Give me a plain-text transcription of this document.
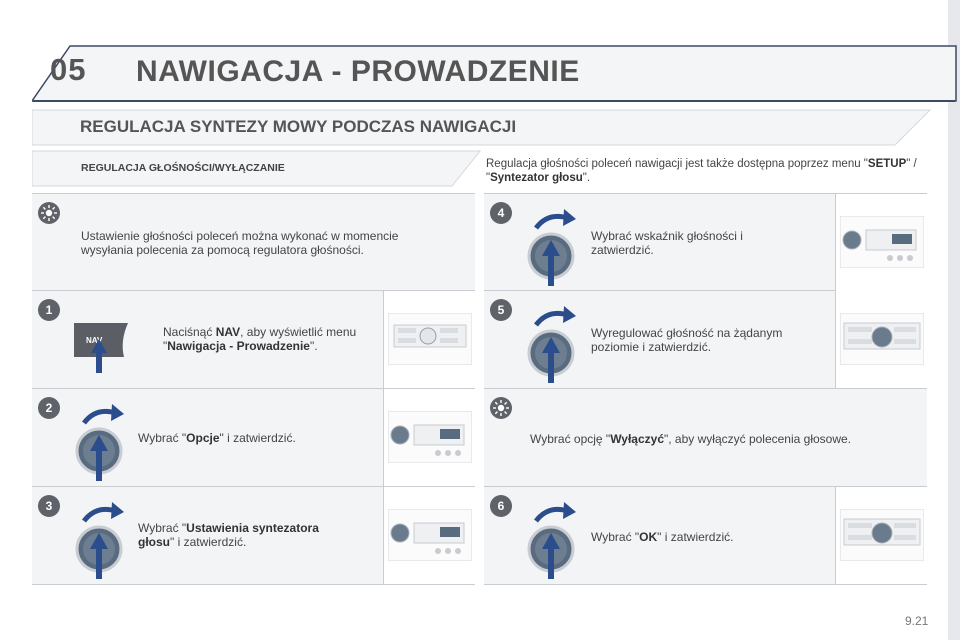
05 NAWIGACJA - PROWADZENIE
REGULACJA SYNTEZY MOWY PODCZAS NAWIGACJI
REGULACJA GŁOŚNOŚCI/WYŁĄCZANIE	Regulacja głośności poleceń nawigacji jest także dostępna poprzez menu "SETUP" / "Syntezator głosu".
Ustawienie głośności poleceń można wykonać w momencie wysyłania polecenia za pomocą regulatora głośności.
1
NAV
Naciśnąć NAV, aby wyświetlić menu "Nawigacja - Prowadzenie".
2
Wybrać "Opcje" i zatwierdzić.
3
Wybrać "Ustawienia syntezatora głosu" i zatwierdzić.
4
Wybrać wskaźnik głośności i zatwierdzić.
5
Wyregulować głośność na żądanym poziomie i zatwierdzić.
Wybrać opcję "Wyłączyć", aby wyłączyć polecenia głosowe.
6
Wybrać "OK" i zatwierdzić.
9.21
